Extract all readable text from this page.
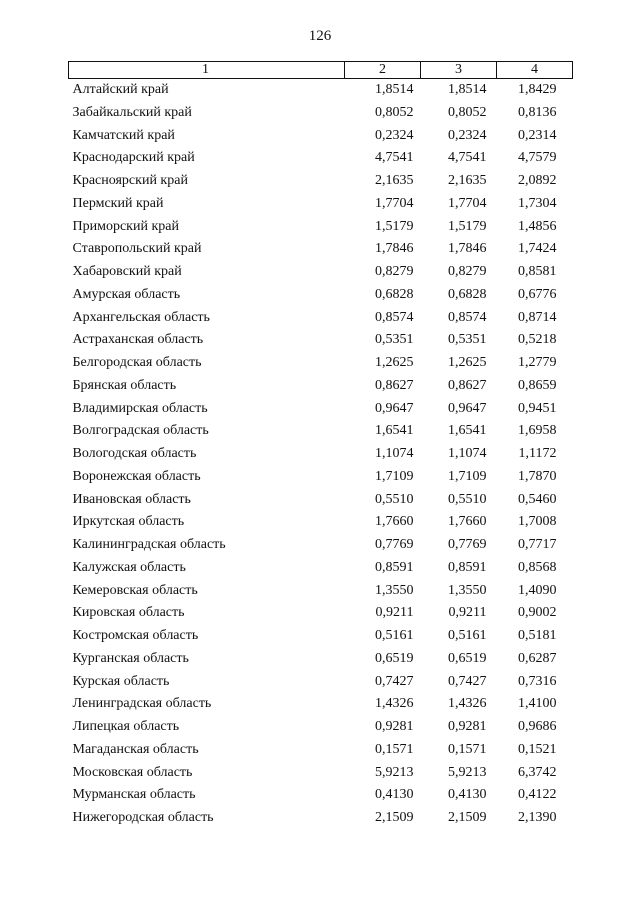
126
1	2	3	4
Алтайский край	1,8514	1,8514	1,8429
Забайкальский край	0,8052	0,8052	0,8136
Камчатский край	0,2324	0,2324	0,2314
Краснодарский край	4,7541	4,7541	4,7579
Красноярский край	2,1635	2,1635	2,0892
Пермский край	1,7704	1,7704	1,7304
Приморский край	1,5179	1,5179	1,4856
Ставропольский край	1,7846	1,7846	1,7424
Хабаровский край	0,8279	0,8279	0,8581
Амурская область	0,6828	0,6828	0,6776
Архангельская область	0,8574	0,8574	0,8714
Астраханская область	0,5351	0,5351	0,5218
Белгородская область	1,2625	1,2625	1,2779
Брянская область	0,8627	0,8627	0,8659
Владимирская область	0,9647	0,9647	0,9451
Волгоградская область	1,6541	1,6541	1,6958
Вологодская область	1,1074	1,1074	1,1172
Воронежская область	1,7109	1,7109	1,7870
Ивановская область	0,5510	0,5510	0,5460
Иркутская область	1,7660	1,7660	1,7008
Калининградская область	0,7769	0,7769	0,7717
Калужская область	0,8591	0,8591	0,8568
Кемеровская область	1,3550	1,3550	1,4090
Кировская область	0,9211	0,9211	0,9002
Костромская область	0,5161	0,5161	0,5181
Курганская область	0,6519	0,6519	0,6287
Курская область	0,7427	0,7427	0,7316
Ленинградская область	1,4326	1,4326	1,4100
Липецкая область	0,9281	0,9281	0,9686
Магаданская область	0,1571	0,1571	0,1521
Московская область	5,9213	5,9213	6,3742
Мурманская область	0,4130	0,4130	0,4122
Нижегородская область	2,1509	2,1509	2,1390
